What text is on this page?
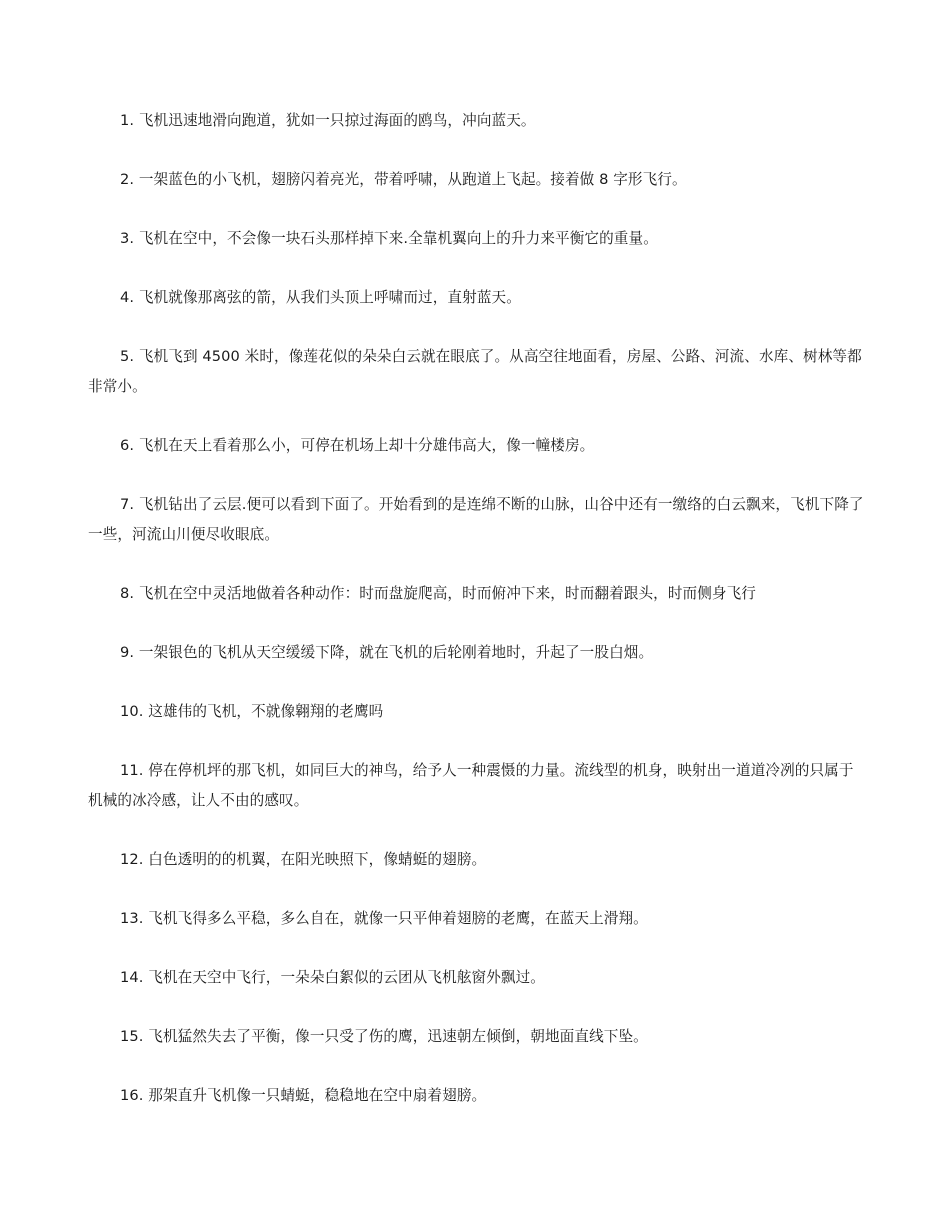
1. 飞机迅速地滑向跑道，犹如一只掠过海面的鸥鸟，冲向蓝天。

2. 一架蓝色的小飞机，翅膀闪着亮光，带着呼啸，从跑道上飞起。接着做 8 字形飞行。

3. 飞机在空中，不会像一块石头那样掉下来.全靠机翼向上的升力来平衡它的重量。

4. 飞机就像那离弦的箭，从我们头顶上呼啸而过，直射蓝天。

5. 飞机飞到 4500 米时，像莲花似的朵朵白云就在眼底了。从高空往地面看，房屋、公路、河流、水库、树林等都非常小。

6. 飞机在天上看着那么小，可停在机场上却十分雄伟高大，像一幢楼房。

7. 飞机钻出了云层.便可以看到下面了。开始看到的是连绵不断的山脉，山谷中还有一缴络的白云飘来，飞机下降了一些，河流山川便尽收眼底。

8. 飞机在空中灵活地做着各种动作：时而盘旋爬高，时而俯冲下来，时而翻着跟头，时而侧身飞行

9. 一架银色的飞机从天空缓缓下降，就在飞机的后轮刚着地时，升起了一股白烟。

10. 这雄伟的飞机，不就像翱翔的老鹰吗

11. 停在停机坪的那飞机，如同巨大的神鸟，给予人一种震慑的力量。流线型的机身，映射出一道道冷冽的只属于机械的冰冷感，让人不由的感叹。

12. 白色透明的的机翼，在阳光映照下，像蜻蜓的翅膀。

13. 飞机飞得多么平稳，多么自在，就像一只平伸着翅膀的老鹰，在蓝天上滑翔。

14. 飞机在天空中飞行，一朵朵白絮似的云团从飞机舷窗外飘过。

15. 飞机猛然失去了平衡，像一只受了伤的鹰，迅速朝左倾倒，朝地面直线下坠。

16. 那架直升飞机像一只蜻蜓，稳稳地在空中扇着翅膀。
